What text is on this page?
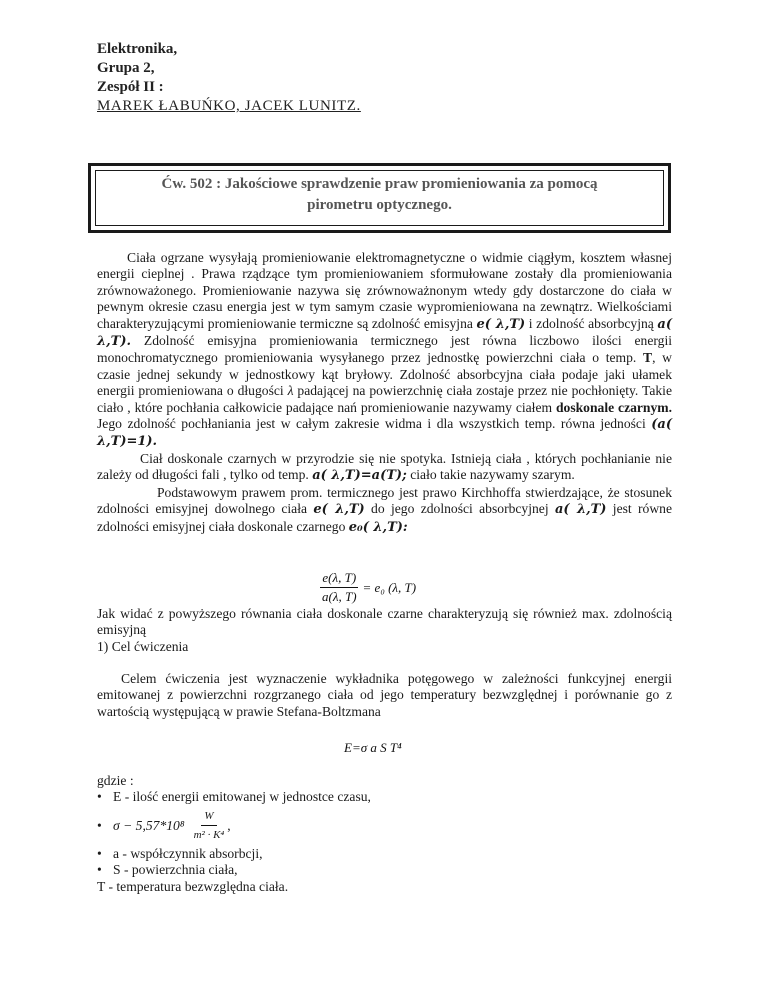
Elektronika,
Grupa 2,
Zespół II :
MAREK ŁABUŃKO, JACEK LUNITZ.
Ćw. 502 : Jakościowe sprawdzenie praw promieniowania za pomocą
pirometru optycznego.

Ciała ogrzane wysyłają promieniowanie elektromagnetyczne o widmie ciągłym, kosztem własnej energii cieplnej . Prawa rządzące tym promieniowaniem sformułowane zostały dla promieniowania zrównoważonego. Promieniowanie nazywa się zrównoważnonym wtedy gdy dostarczone do ciała w pewnym okresie czasu energia jest w tym samym czasie wypromieniowana na zewnątrz. Wielkościami charakteryzującymi promieniowanie termiczne są zdolność emisyjna e( λ,T) i zdolność absorbcyjną a( λ,T). Zdolność emisyjna promieniowania termicznego jest równa liczbowo ilości energii monochromatycznego promieniowania wysyłanego przez jednostkę powierzchni ciała o temp. T, w czasie jednej sekundy w jednostkowy kąt bryłowy. Zdolność absorbcyjna ciała podaje jaki ułamek energii promieniowana o długości λ padającej na powierzchnię ciała zostaje przez nie pochłonięty. Takie ciało , które pochłania całkowicie padające nań promieniowanie nazywamy ciałem doskonale czarnym. Jego zdolność pochłaniania jest w całym zakresie widma i dla wszystkich temp. równa jedności (a( λ,T)=1).

Ciał doskonale czarnych w przyrodzie się nie spotyka. Istnieją ciała , których pochłanianie nie zależy od długości fali , tylko od temp. a( λ,T)=a(T); ciało takie nazywamy szarym.

Podstawowym prawem prom. termicznego jest prawo Kirchhoffa stwierdzające, że stosunek zdolności emisyjnej dowolnego ciała e( λ,T) do jego zdolności absorbcyjnej a( λ,T) jest równe zdolności emisyjnej ciała doskonale czarnego e₀( λ,T):

$\frac{e(\lambda, T)}{a(\lambda, T)} = e_0$ (λ, T)

Jak widać z powyższego równania ciała doskonale czarne charakteryzują się również max. zdolnością emisyjną

1) Cel ćwiczenia

Celem ćwiczenia jest wyznaczenie wykładnika potęgowego w zależności funkcyjnej energii emitowanej z powierzchni rozgrzanego ciała od jego temperatury bezwzględnej i porównanie go z wartością występującą w prawie Stefana-Boltzmana

E=σ a S T⁴
gdzie :
• E - ilość energii emitowanej w jednostce czasu,
• $\sigma - 5,57*10^8 \frac{W}{\text{m² · K⁴}}$ ,
• a - współczynnik absorbcji,
• S - powierzchnia ciała,
T - temperatura bezwzględna ciała.
